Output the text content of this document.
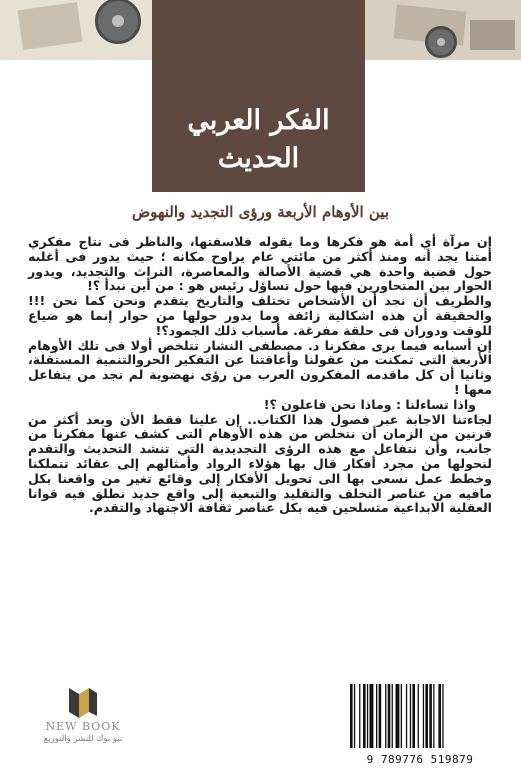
الفكر العربي
الحديث
بين الأوهام الأربعة ورؤى التجديد والنهوض

إن مرآة أي أمة هو فكرها وما يقوله فلاسفتها، والناظر فى نتاج مفكري أمتنا يجد أنه ومنذ أكثر من مائتي عام يراوح مكانه ؛ حيث يدور فى أغلبه حول قضية واحدة هي قضية الأصالة والمعاصرة، التراث والتجديد، ويدور الحوار بين المتحاورين فيها حول تساؤل رئيس هو : من أين نبدأ ؟!

والطريف أن نجد أن الأشخاص تختلف والتاريخ يتقدم ونحن كما نحن !!! والحقيقة أن هذه اشكالية زائفة وما يدور حولها من حوار إنما هو ضياع للوقت ودوران فى حلقة مفرغة. مأسباب ذلك الجمود؟!

إن أسبابه فيما يرى مفكرنا د. مصطفى النشار تتلخص أولا فى تلك الأوهام الأربعة التى تمكنت من عقولنا وأعاقتنا عن التفكير الحروالتنمية المستقلة، وثانيا أن كل ماقدمه المفكرون العرب من رؤى نهضوية لم تجد من يتفاعل معها !

واذا تساءلنا : وماذا نحن فاعلون ؟!

لجاءتنا الاجابة عبر فصول هذا الكتاب.. إن علينا فقط الأن وبعد أكثر من قرنين من الزمان أن نتخلص من هذه الأوهام التى كشف عنها مفكرنا من جانب، وأن نتفاعل مع هذه الرؤى التجديدية التي تنشد التحديث والتقدم لنحولها من مجرد أفكار قال بها هؤلاء الرواد وأمثالهم إلى عقائد تتملكنا وخطط عمل نسعى بها الى تحويل الأفكار إلى وقائع تغير من واقعنا بكل مافيه من عناصر التخلف والتقليد والتبعية إلى واقع جديد نطلق فيه قوانا العقلية الابداعية متسلحين فيه بكل عناصر ثقافة الاجتهاد والتقدم.

NEW BOOK
نيو بوك للنشر والتوزيع
9 789776 519879
